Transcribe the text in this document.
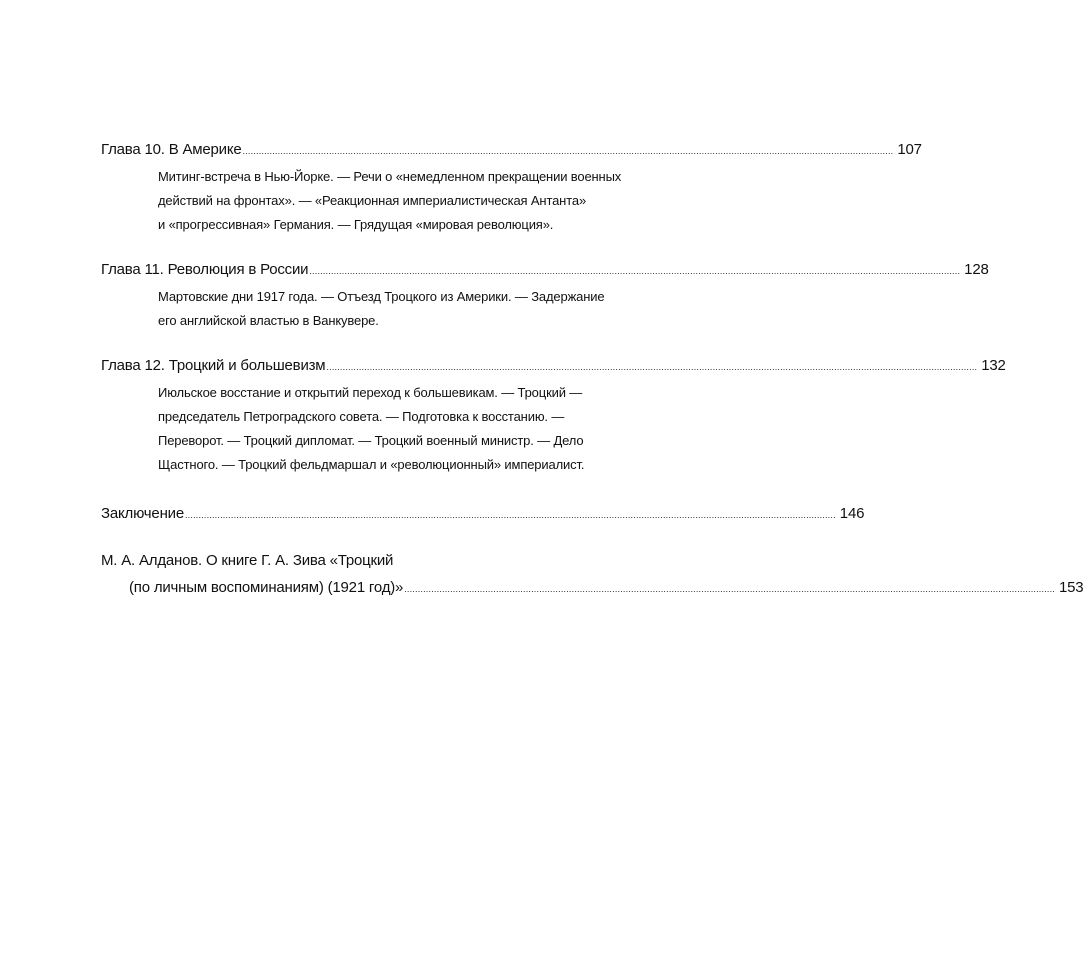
Глава 10. В Америке ................................................................................................................................................................................................................................................. 107
Митинг-встреча в Нью-Йорке. — Речи о «немедленном прекращении военных
действий на фронтах». — «Реакционная империалистическая Антанта»
и «прогрессивная» Германия. — Грядущая «мировая революция».
Глава 11. Революция в России ................................................................................................................................................................................................................................................. 128
Мартовские дни 1917 года. — Отъезд Троцкого из Америки. — Задержание
его английской властью в Ванкувере.
Глава 12. Троцкий и большевизм ................................................................................................................................................................................................................................................. 132
Июльское восстание и открытий переход к большевикам. — Троцкий —
председатель Петроградского совета. — Подготовка к восстанию. —
Переворот. — Троцкий дипломат. — Троцкий военный министр. — Дело
Щастного. — Троцкий фельдмаршал и «революционный» империалист.
Заключение ................................................................................................................................................................................................................................................. 146
М. А. Алданов. О книге Г. А. Зива «Троцкий
(по личным воспоминаниям) (1921 год)» ................................................................................................................................................................................................................................................. 153
